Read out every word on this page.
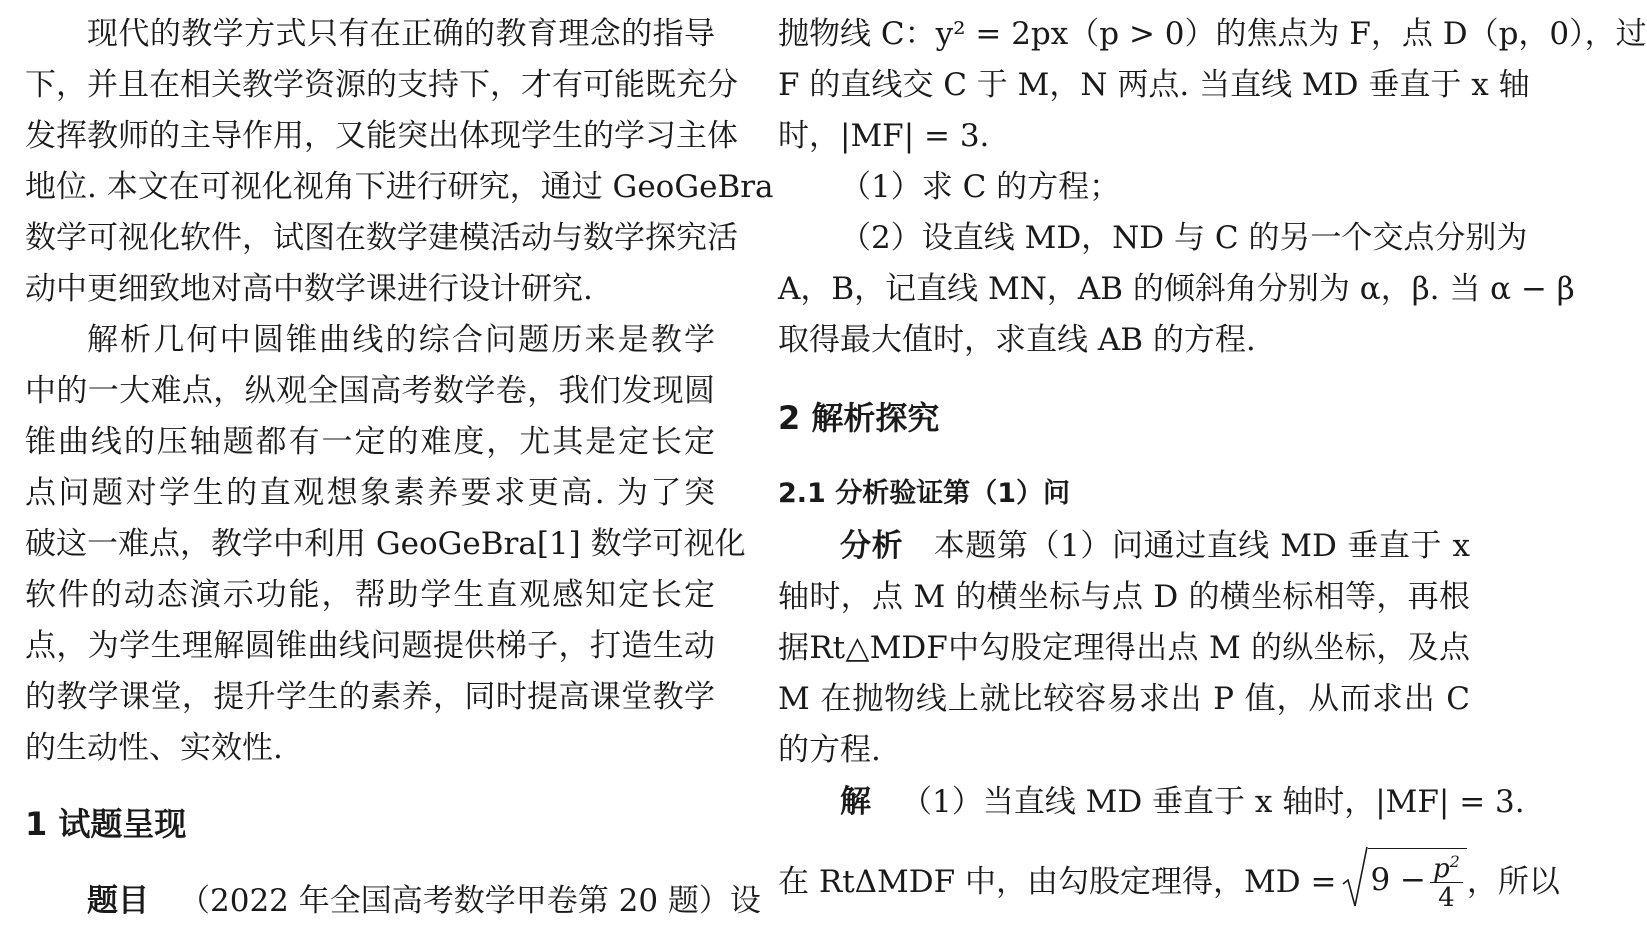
现代的教学方式只有在正确的教育理念的指导
下，并且在相关教学资源的支持下，才有可能既充分
发挥教师的主导作用，又能突出体现学生的学习主体
地位. 本文在可视化视角下进行研究，通过 GeoGeBra
数学可视化软件，试图在数学建模活动与数学探究活
动中更细致地对高中数学课进行设计研究.
解析几何中圆锥曲线的综合问题历来是教学
中的一大难点，纵观全国高考数学卷，我们发现圆
锥曲线的压轴题都有一定的难度，尤其是定长定
点问题对学生的直观想象素养要求更高. 为了突
破这一难点，教学中利用 GeoGeBra[1] 数学可视化
软件的动态演示功能，帮助学生直观感知定长定
点，为学生理解圆锥曲线问题提供梯子，打造生动
的教学课堂，提升学生的素养，同时提高课堂教学
的生动性、实效性.
1 试题呈现
题目 （2022 年全国高考数学甲卷第 20 题）设
抛物线 C：y² = 2px（p > 0）的焦点为 F，点 D（p，0），过
F 的直线交 C 于 M，N 两点. 当直线 MD 垂直于 x 轴
时，|MF| = 3.
（1）求 C 的方程；
（2）设直线 MD，ND 与 C 的另一个交点分别为
A，B，记直线 MN，AB 的倾斜角分别为 α，β. 当 α − β
取得最大值时，求直线 AB 的方程.
2 解析探究
2.1 分析验证第（1）问
分析 本题第（1）问通过直线 MD 垂直于 x
轴时，点 M 的横坐标与点 D 的横坐标相等，再根
据Rt△MDF中勾股定理得出点 M 的纵坐标，及点
M 在抛物线上就比较容易求出 P 值，从而求出 C
的方程.
解 （1）当直线 MD 垂直于 x 轴时，|MF| = 3.
在 RtΔMDF 中，由勾股定理得，MD = $9 - \frac{p^2}{4}$ ，所以
